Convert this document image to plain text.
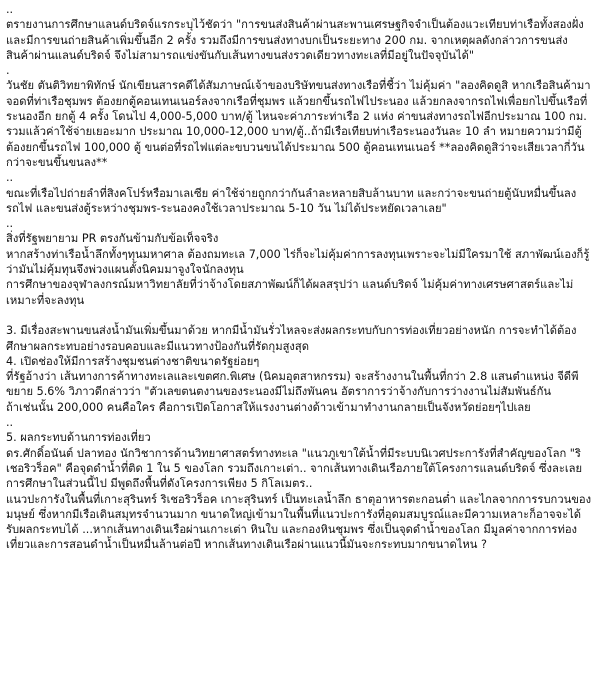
..

ตรายงานการศึกษาแลนด์บริดจ์แรกระบุไว้ชัดว่า "การขนส่งสินค้าผ่านสะพานเศรษฐกิจจำเป็นต้องแวะเทียบท่าเรือทั้งสองฝั่ง และมีการขนถ่ายสินค้าเพิ่มขึ้นอีก 2 ครั้ง รวมถึงมีการขนส่งทางบกเป็นระยะทาง 200 กม. จากเหตุผลดังกล่าวการขนส่งสินค้าผ่านแลนด์บริดจ์ จึงไม่สามารถแข่งขันกับเส้นทางขนส่งรวดเดียวทางทะเลที่มีอยู่ในปัจจุบันได้"

.

วันชัย ตันติวิทยาพิทักษ์ นักเขียนสารคดีได้สัมภาษณ์เจ้าของบริษัทขนส่งทางเรือที่ชี้ว่า ไม่คุ้มค่า "ลองคิดดูสิ หากเรือสินค้ามาจอดที่ท่าเรือชุมพร ต้องยกตู้คอนเทนเนอร์ลงจากเรือที่ชุมพร แล้วยกขึ้นรถไฟไประนอง แล้วยกลงจากรถไฟเพื่อยกไปขึ้นเรือที่ระนองอีก ยกตู้ 4 ครั้ง โดนไป 4,000-5,000 บาท/ตู้ ไหนจะค่าภาระท่าเรือ 2 แห่ง ค่าขนส่งทางรถไฟอีกประมาณ 100 กม. รวมแล้วค่าใช้จ่ายเยอะมาก ประมาณ 10,000-12,000 บาท/ตู้..ถ้ามีเรือเทียบท่าเรือระนองวันละ 10 ลำ หมายความว่ามีตู้ต้องยกขึ้นรถไฟ 100,000 ตู้ ขนต่อที่รถไฟแต่ละขบวนขนได้ประมาณ 500 ตู้คอนเทนเนอร์ **ลองคิดดูสิว่าจะเสียเวลากี่วันกว่าจะขนขึ้นขนลง**

..

ขณะที่เรือไปถ่ายลำที่สิงคโปร์หรือมาเลเซีย ค่าใช้จ่ายถูกกว่ากันลำละหลายสิบล้านบาท และกว่าจะขนถ่ายตู้นับหมื่นขึ้นลงรถไฟ และขนส่งตู้ระหว่างชุมพร-ระนองคงใช้เวลาประมาณ 5-10 วัน ไม่ได้ประหยัดเวลาเลย"

..

สิ่งที่รัฐพยายาม PR ตรงกันข้ามกับข้อเท็จจริง

หากสร้างท่าเรือน้ำลึกทั้งๆทุนมหาศาล ต้องถมทะเล 7,000 ไร่ก็จะไม่คุ้มค่าการลงทุนเพราะจะไม่มีใครมาใช้ สภาพัฒน์เองก็รู้ว่ามันไม่คุ้มทุนจึงพ่วงแผนตั้งนิคมมาจูงใจนักลงทุน

การศึกษาของจุฬาลงกรณ์มหาวิทยาลัยที่ว่าจ้างโดยสภาพัฒน์ก็ได้ผลสรุปว่า แลนด์บริดจ์ ไม่คุ้มค่าทางเศรษศาสตร์และไม่เหมาะที่จะลงทุน

3. มีเรื่องสะพานขนส่งน้ำมันเพิ่มขึ้นมาด้วย หากมีน้ำมันรั่วไหลจะส่งผลกระทบกับการท่องเที่ยวอย่างหนัก การจะทำได้ต้องศึกษาผลกระทบอย่างรอบคอบและมีแนวทางป้องกันที่รัดกุมสูงสุด

4. เปิดช่องให้มีการสร้างชุมชนต่างชาติขนาดรัฐย่อยๆ

ที่รัฐอ้างว่า เส้นทางการค้าทางทะเลและเขตศก.พิเศษ (นิคมอุตสาหกรรม) จะสร้างงานในพื้นที่กว่า 2.8 แสนตำแหน่ง จีดีพีขยาย 5.6% วิภาวดีกล่าวว่า "ตัวเลขตนตงานของระนองมีไม่ถึงพันคน อัตราการว่าจ้างกับการว่างงานไม่สัมพันธ์กัน

ถ้าเช่นนั้น 200,000 คนคือใคร คือการเปิดโอกาสให้แรงงานต่างด้าวเข้ามาทำงานกลายเป็นจังหวัดย่อยๆไปเลย

..

5. ผลกระทบด้านการท่องเที่ยว

ดร.ศักดิ์อนันต์ ปลาทอง นักวิชาการด้านวิทยาศาสตร์ทางทะเล "แนวภูเขาใต้น้ำที่มีระบบนิเวศประการังที่สำคัญของโลก "ริเชอริวร็อค" คือจุดดำน้ำที่ติด 1 ใน 5 ของโลก รวมถึงเกาะเต่า.. จากเส้นทางเดินเรือภายใต้โครงการแลนด์บริดจ์ ซึ่งละเลยการศึกษาในส่วนนี้ไป มีพูดถึงพื้นที่ดังโครงการเพียง 5 กิโลเมตร..

แนวปะการังในพื้นที่เกาะสุรินทร์ ริเชอริวร็อค เกาะสุรินทร์ เป็นทะเลน้ำลึก ธาตุอาหารตะกอนต่ำ และไกลจากการรบกวนของมนุษย์ ซึ่งหากมีเรือเดินสมุทรจำนวนมาก ขนาดใหญ่เข้ามาในพื้นที่แนวปะการังที่อุดมสมบูรณ์และมีความเหลาะก็อาจจะได้รับผลกระทบได้ ...หากเส้นทางเดินเรือผ่านเกาะเต่า หินใบ และกองหินชุมพร ซึ่งเป็นจุดดำน้ำของโลก มีมูลค่าจากการท่องเที่ยวและการสอนดำน้ำเป็นหมื่นล้านต่อปี หากเส้นทางเดินเรือผ่านแนวนี้มันจะกระทบมากขนาดไหน ?
